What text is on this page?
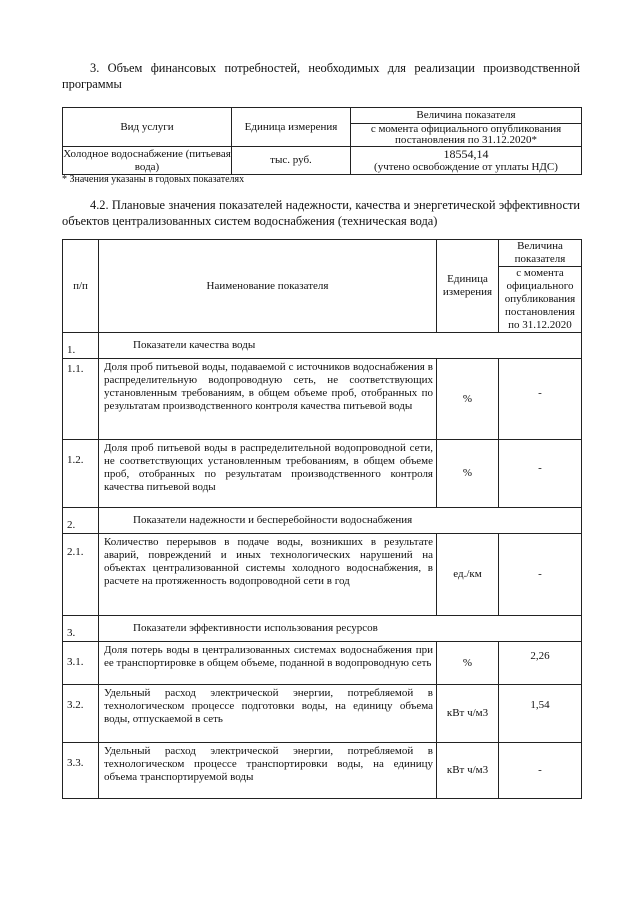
3. Объем финансовых потребностей, необходимых для реализации производственной программы
Вид услуги	Единица измерения	Величина показателя
		с момента официального опубликования постановления по 31.12.2020*
Холодное водоснабжение (питьевая вода)	тыс. руб.	18554,14
(учтено освобождение от уплаты НДС)
* Значения указаны в годовых показателях
4.2. Плановые значения показателей надежности, качества и энергетической эффективности объектов централизованных систем водоснабжения (техническая вода)
п/п	Наименование показателя	Единица измерения	Величина показателя
			с момента официального опубликования постановления по 31.12.2020
1.	Показатели качества воды		
1.1.	Доля проб питьевой воды, подаваемой с источников водоснабжения в распределительную водопроводную сеть, не соответствующих установленным требованиям, в общем объеме проб, отобранных по результатам производственного контроля качества питьевой воды	%	-
1.2.	Доля проб питьевой воды в распределительной водопроводной сети, не соответствующих установленным требованиям, в общем объеме проб, отобранных по результатам производственного контроля качества питьевой воды	%	-
2.	Показатели надежности и бесперебойности водоснабжения		
2.1.	Количество перерывов в подаче воды, возникших в результате аварий, повреждений и иных технологических нарушений на объектах централизованной системы холодного водоснабжения, в расчете на протяженность водопроводной сети в год	ед./км	-
3.	Показатели эффективности использования ресурсов		
3.1.	Доля потерь воды в централизованных системах водоснабжения при ее транспортировке в общем объеме, поданной в водопроводную сеть	%	2,26
3.2.	Удельный расход электрической энергии, потребляемой в технологическом процессе подготовки воды, на единицу объема воды, отпускаемой в сеть	кВт ч/м3	1,54
3.3.	Удельный расход электрической энергии, потребляемой в технологическом процессе транспортировки воды, на единицу объема транспортируемой воды	кВт ч/м3	-
